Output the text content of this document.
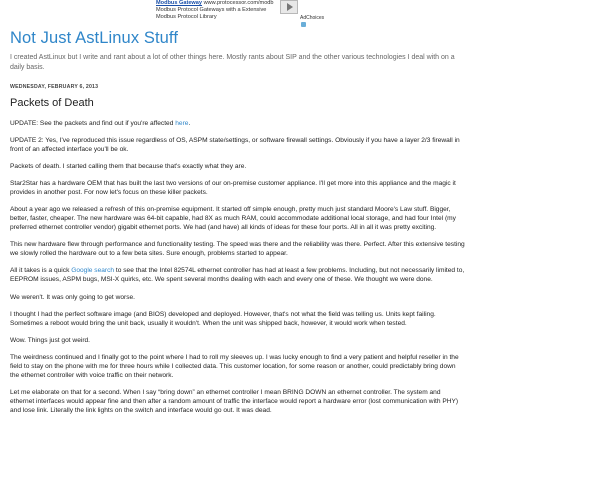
Modbus Gateway www.protocessor.com/modb
Modbus Protocol Gateways with a Extensive
Modbus Protocol Library	AdChoices
Not Just AstLinux Stuff
I created AstLinux but I write and rant about a lot of other things here. Mostly rants about SIP and the other various technologies I deal with on a daily basis.
WEDNESDAY, FEBRUARY 6, 2013
Packets of Death

UPDATE: See the packets and find out if you're affected here.

UPDATE 2: Yes, I've reproduced this issue regardless of OS, ASPM state/settings, or software firewall settings. Obviously if you have a layer 2/3 firewall in front of an affected interface you'll be ok.

Packets of death. I started calling them that because that's exactly what they are.

Star2Star has a hardware OEM that has built the last two versions of our on-premise customer appliance. I'll get more into this appliance and the magic it provides in another post. For now let's focus on these killer packets.

About a year ago we released a refresh of this on-premise equipment. It started off simple enough, pretty much just standard Moore's Law stuff. Bigger, better, faster, cheaper. The new hardware was 64-bit capable, had 8X as much RAM, could accommodate additional local storage, and had four Intel (my preferred ethernet controller vendor) gigabit ethernet ports. We had (and have) all kinds of ideas for these four ports. All in all it was pretty exciting.

This new hardware flew through performance and functionality testing. The speed was there and the reliability was there. Perfect. After this extensive testing we slowly rolled the hardware out to a few beta sites. Sure enough, problems started to appear.

All it takes is a quick Google search to see that the Intel 82574L ethernet controller has had at least a few problems. Including, but not necessarily limited to, EEPROM issues, ASPM bugs, MSI-X quirks, etc. We spent several months dealing with each and every one of these. We thought we were done.

We weren't. It was only going to get worse.

I thought I had the perfect software image (and BIOS) developed and deployed. However, that's not what the field was telling us. Units kept failing. Sometimes a reboot would bring the unit back, usually it wouldn't. When the unit was shipped back, however, it would work when tested.

Wow. Things just got weird.

The weirdness continued and I finally got to the point where I had to roll my sleeves up. I was lucky enough to find a very patient and helpful reseller in the field to stay on the phone with me for three hours while I collected data. This customer location, for some reason or another, could predictably bring down the ethernet controller with voice traffic on their network.

Let me elaborate on that for a second. When I say “bring down” an ethernet controller I mean BRING DOWN an ethernet controller. The system and ethernet interfaces would appear fine and then after a random amount of traffic the interface would report a hardware error (lost communication with PHY) and lose link. Literally the link lights on the switch and interface would go out. It was dead.
